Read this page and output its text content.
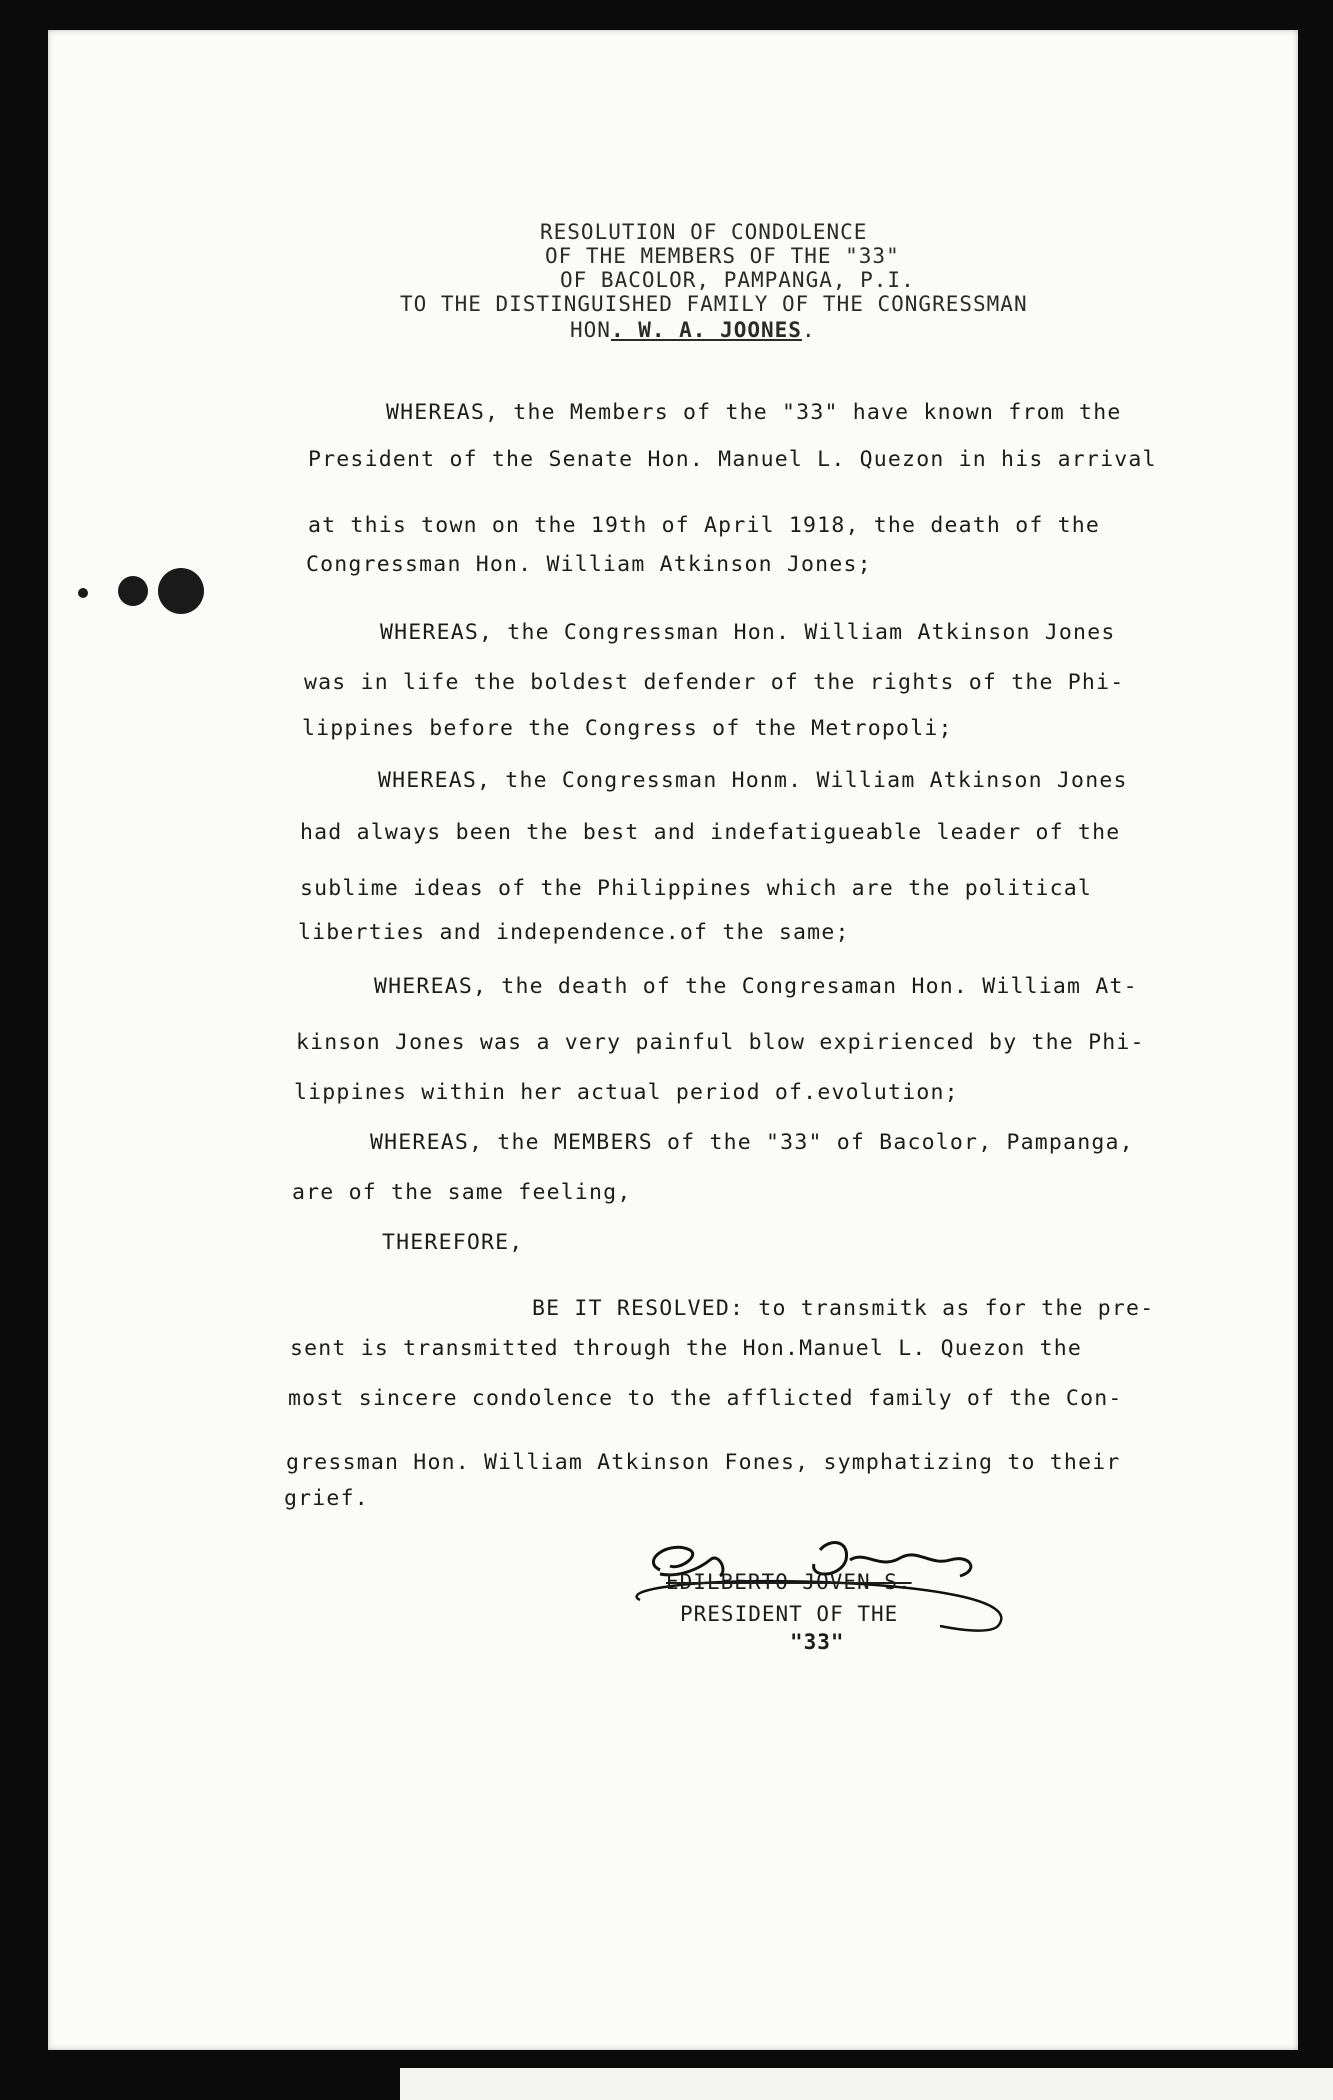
RESOLUTION OF CONDOLENCE
OF THE MEMBERS OF THE "33"
OF BACOLOR, PAMPANGA, P.I.
TO THE DISTINGUISHED FAMILY OF THE CONGRESSMAN
HON. W. A. JOONES.
WHEREAS, the Members of the "33" have known from the
President of the Senate Hon. Manuel L. Quezon in his arrival
at this town on the 19th of April 1918, the death of the
Congressman Hon. William Atkinson Jones;
WHEREAS, the Congressman Hon. William Atkinson Jones
was in life the boldest defender of the rights of the Phi-
lippines before the Congress of the Metropoli;
WHEREAS, the Congressman Honm. William Atkinson Jones
had always been the best and indefatigueable leader of the
sublime ideas of the Philippines which are the political
liberties and independence.of the same;
WHEREAS, the death of the Congresaman Hon. William At-
kinson Jones was a very painful blow expirienced by the Phi-
lippines within her actual period of.evolution;
WHEREAS, the MEMBERS of the "33" of Bacolor, Pampanga,
are of the same feeling,
THEREFORE,
BE IT RESOLVED: to transmitk as for the pre-
sent is transmitted through the Hon.Manuel L. Quezon the
most sincere condolence to the afflicted family of the Con-
gressman Hon. William Atkinson Fones, symphatizing to their
grief.
EDILBERTO JOVEN S.
PRESIDENT OF THE
"33"
